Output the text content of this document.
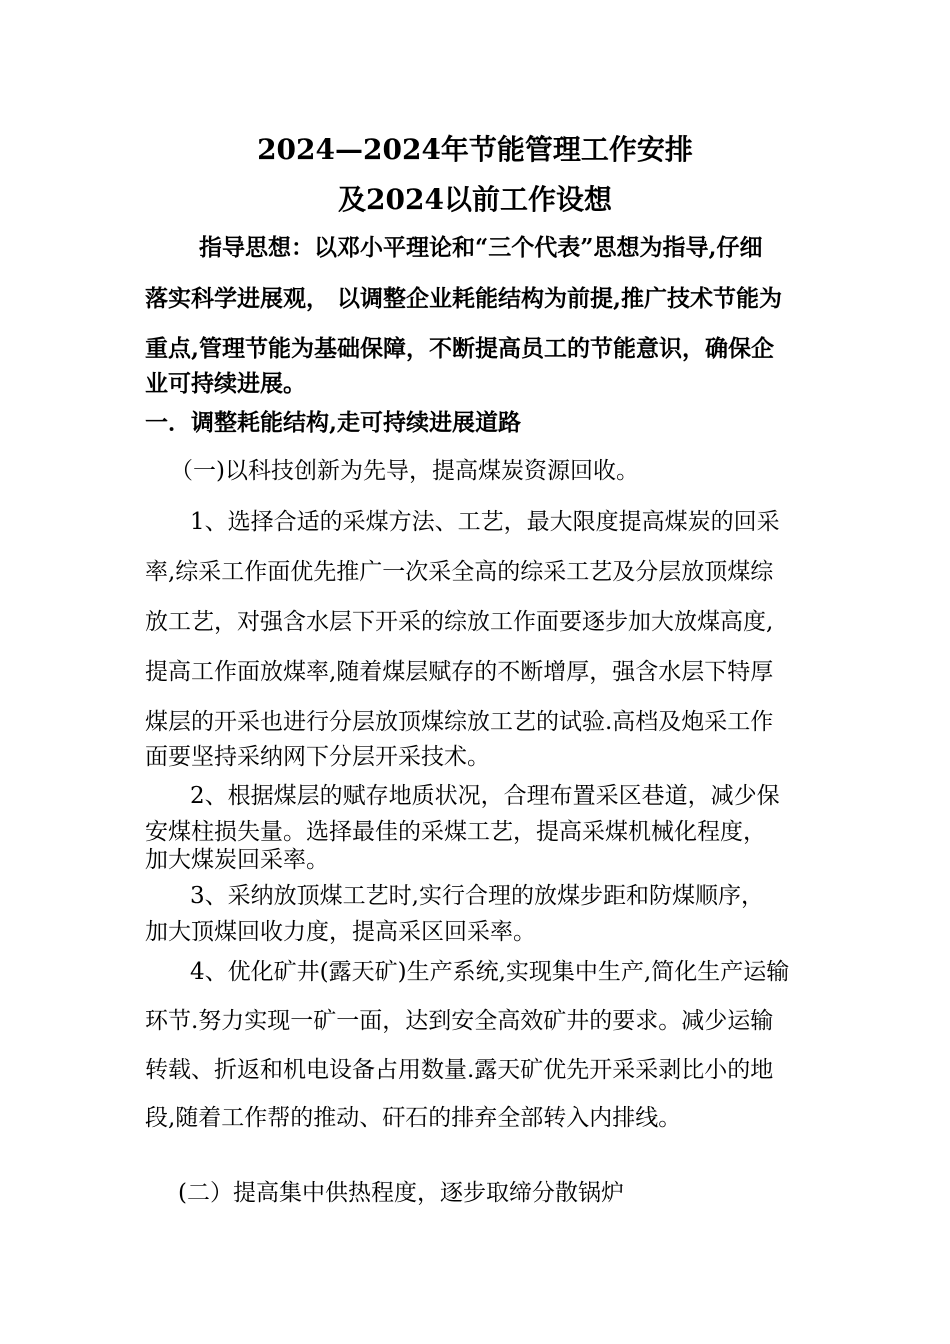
2024—2024年节能管理工作安排
及2024以前工作设想
指导思想：以邓小平理论和“三个代表”思想为指导,仔细
落实科学进展观， 以调整企业耗能结构为前提,推广技术节能为
重点,管理节能为基础保障，不断提高员工的节能意识，确保企
业可持续进展。
一．调整耗能结构,走可持续进展道路
（一)以科技创新为先导，提高煤炭资源回收。
1、选择合适的采煤方法、工艺，最大限度提高煤炭的回采
率,综采工作面优先推广一次采全高的综采工艺及分层放顶煤综
放工艺，对强含水层下开采的综放工作面要逐步加大放煤高度,
提高工作面放煤率,随着煤层赋存的不断增厚，强含水层下特厚
煤层的开采也进行分层放顶煤综放工艺的试验.高档及炮采工作
面要坚持采纳网下分层开采技术。
2、根据煤层的赋存地质状况，合理布置采区巷道，减少保
安煤柱损失量。选择最佳的采煤工艺，提高采煤机械化程度，
加大煤炭回采率。
3、采纳放顶煤工艺时,实行合理的放煤步距和防煤顺序，
加大顶煤回收力度，提高采区回采率。
4、优化矿井(露天矿)生产系统,实现集中生产,简化生产运输
环节.努力实现一矿一面，达到安全高效矿井的要求。减少运输
转载、折返和机电设备占用数量.露天矿优先开采采剥比小的地
段,随着工作帮的推动、矸石的排弃全部转入内排线。
(二）提高集中供热程度，逐步取缔分散锅炉
